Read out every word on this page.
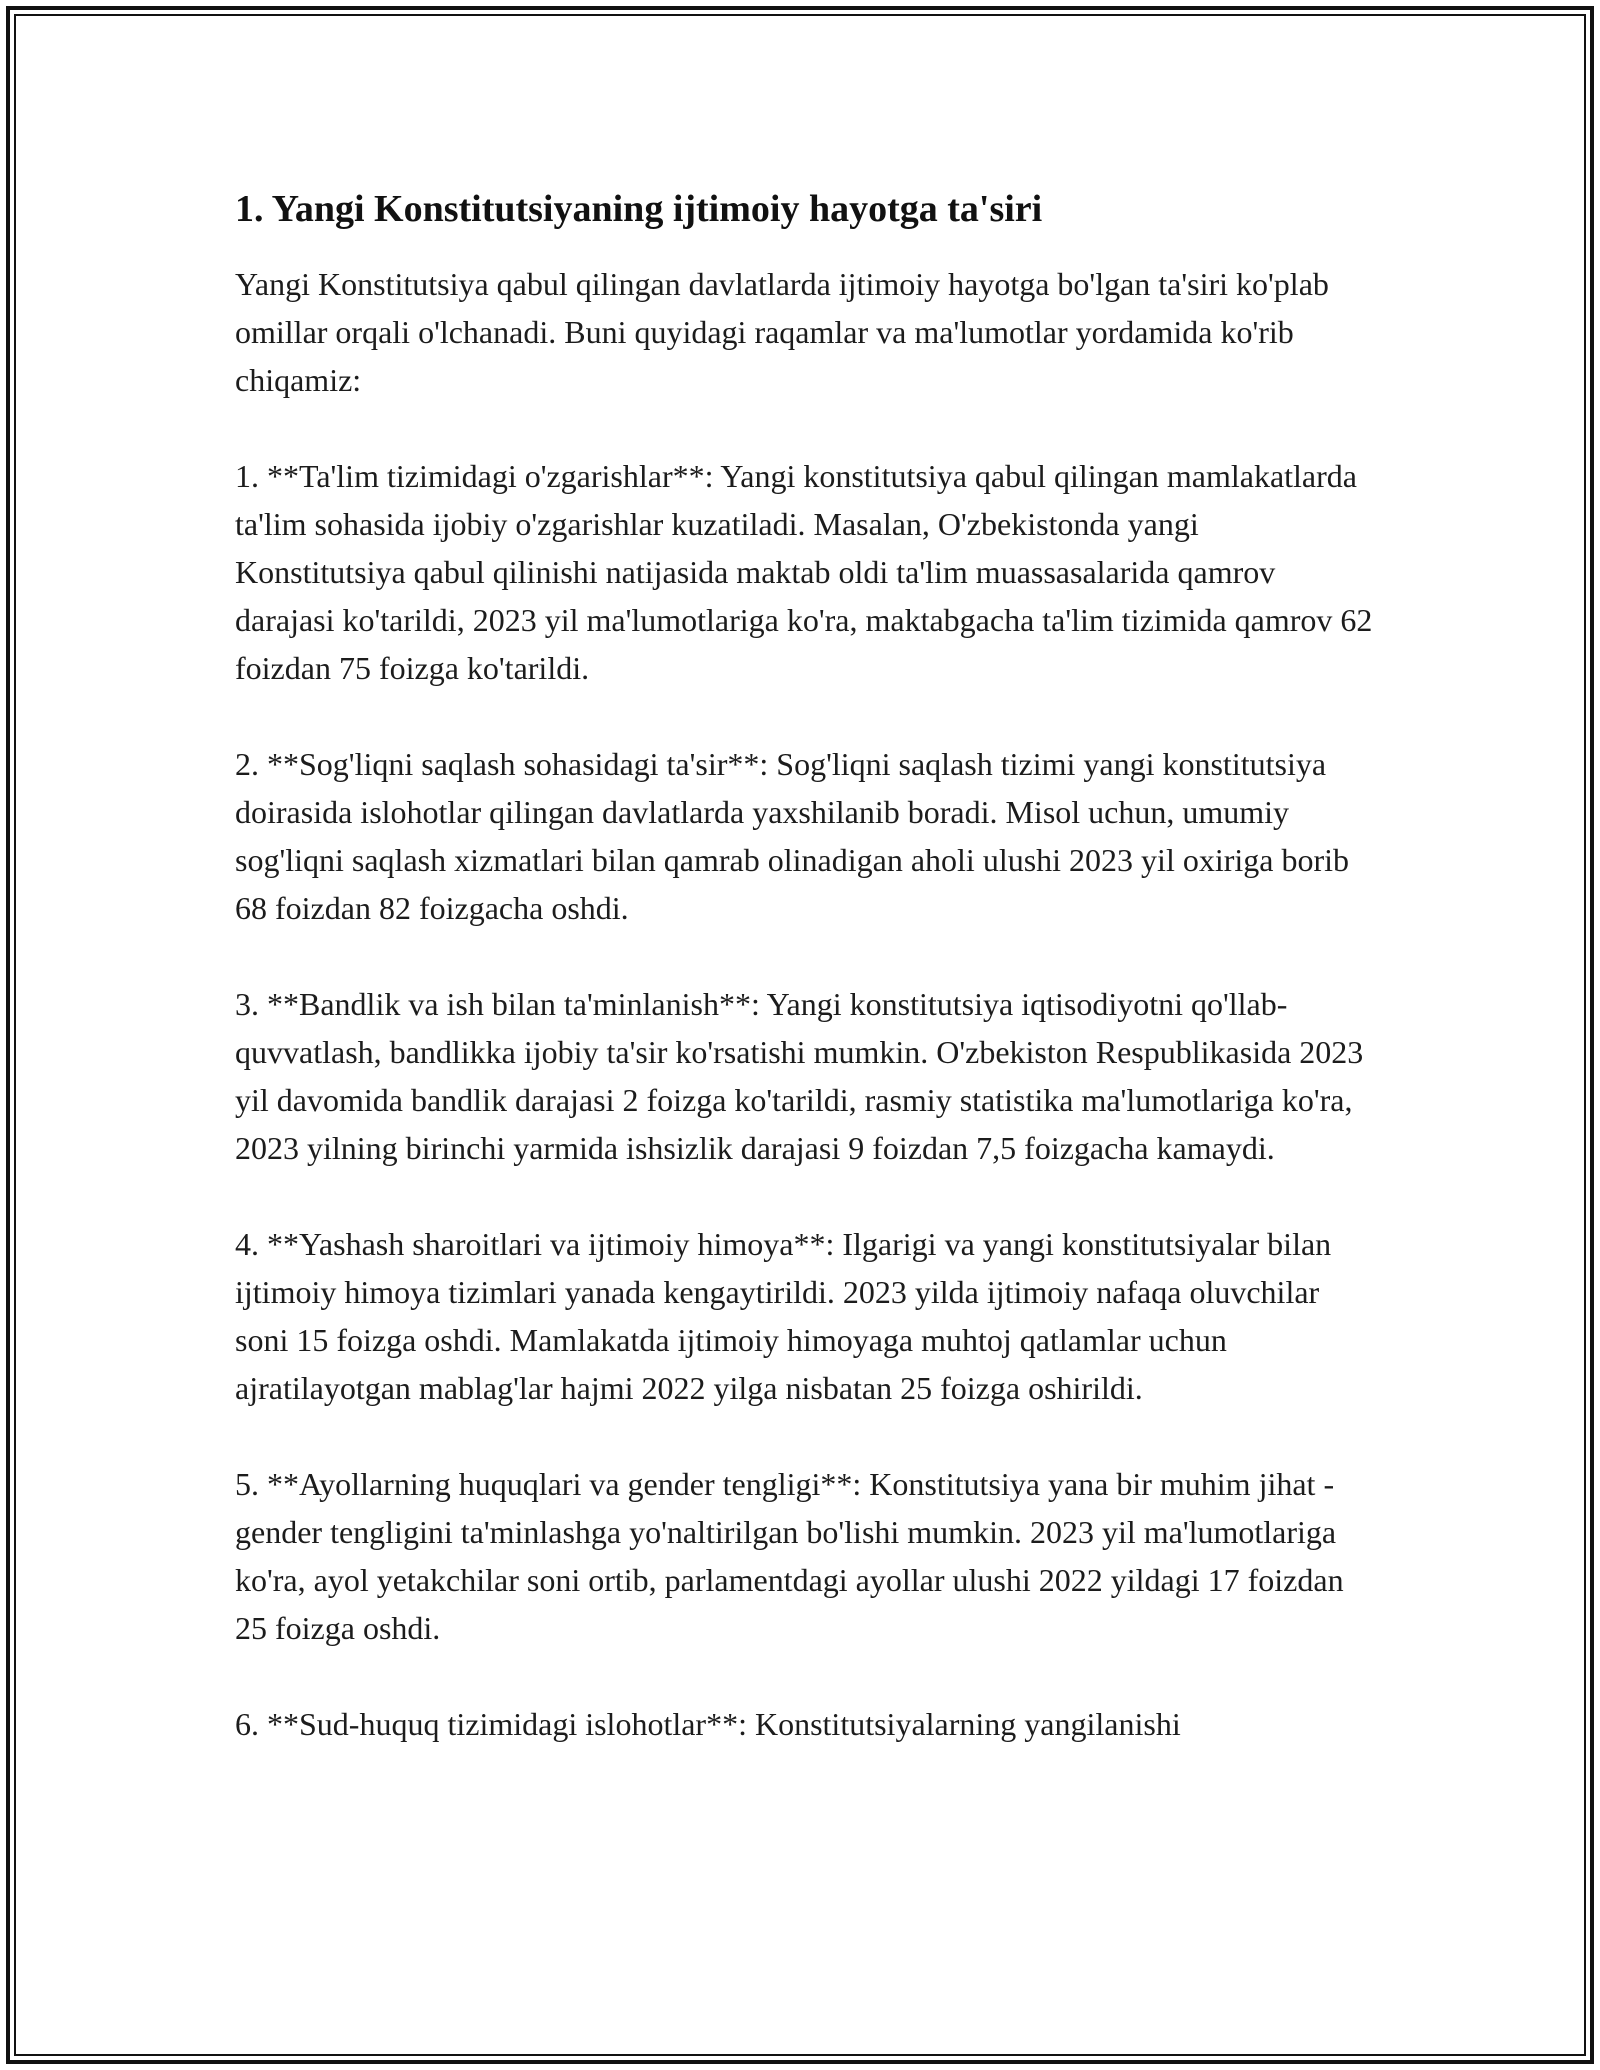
1. Yangi Konstitutsiyaning ijtimoiy hayotga ta'siri

Yangi Konstitutsiya qabul qilingan davlatlarda ijtimoiy hayotga bo'lgan ta'siri ko'plab omillar orqali o'lchanadi. Buni quyidagi raqamlar va ma'lumotlar yordamida ko'rib chiqamiz:

1. **Ta'lim tizimidagi o'zgarishlar**: Yangi konstitutsiya qabul qilingan mamlakatlarda ta'lim sohasida ijobiy o'zgarishlar kuzatiladi. Masalan, O'zbekistonda yangi Konstitutsiya qabul qilinishi natijasida maktab oldi ta'lim muassasalarida qamrov darajasi ko'tarildi, 2023 yil ma'lumotlariga ko'ra, maktabgacha ta'lim tizimida qamrov 62 foizdan 75 foizga ko'tarildi.

2. **Sog'liqni saqlash sohasidagi ta'sir**: Sog'liqni saqlash tizimi yangi konstitutsiya doirasida islohotlar qilingan davlatlarda yaxshilanib boradi. Misol uchun, umumiy sog'liqni saqlash xizmatlari bilan qamrab olinadigan aholi ulushi 2023 yil oxiriga borib 68 foizdan 82 foizgacha oshdi.

3. **Bandlik va ish bilan ta'minlanish**: Yangi konstitutsiya iqtisodiyotni qo'llab-quvvatlash, bandlikka ijobiy ta'sir ko'rsatishi mumkin. O'zbekiston Respublikasida 2023 yil davomida bandlik darajasi 2 foizga ko'tarildi, rasmiy statistika ma'lumotlariga ko'ra, 2023 yilning birinchi yarmida ishsizlik darajasi 9 foizdan 7,5 foizgacha kamaydi.

4. **Yashash sharoitlari va ijtimoiy himoya**: Ilgarigi va yangi konstitutsiyalar bilan ijtimoiy himoya tizimlari yanada kengaytirildi. 2023 yilda ijtimoiy nafaqa oluvchilar soni 15 foizga oshdi. Mamlakatda ijtimoiy himoyaga muhtoj qatlamlar uchun ajratilayotgan mablag'lar hajmi 2022 yilga nisbatan 25 foizga oshirildi.

5. **Ayollarning huquqlari va gender tengligi**: Konstitutsiya yana bir muhim jihat - gender tengligini ta'minlashga yo'naltirilgan bo'lishi mumkin. 2023 yil ma'lumotlariga ko'ra, ayol yetakchilar soni ortib, parlamentdagi ayollar ulushi 2022 yildagi 17 foizdan 25 foizga oshdi.

6. **Sud-huquq tizimidagi islohotlar**: Konstitutsiyalarning yangilanishi
